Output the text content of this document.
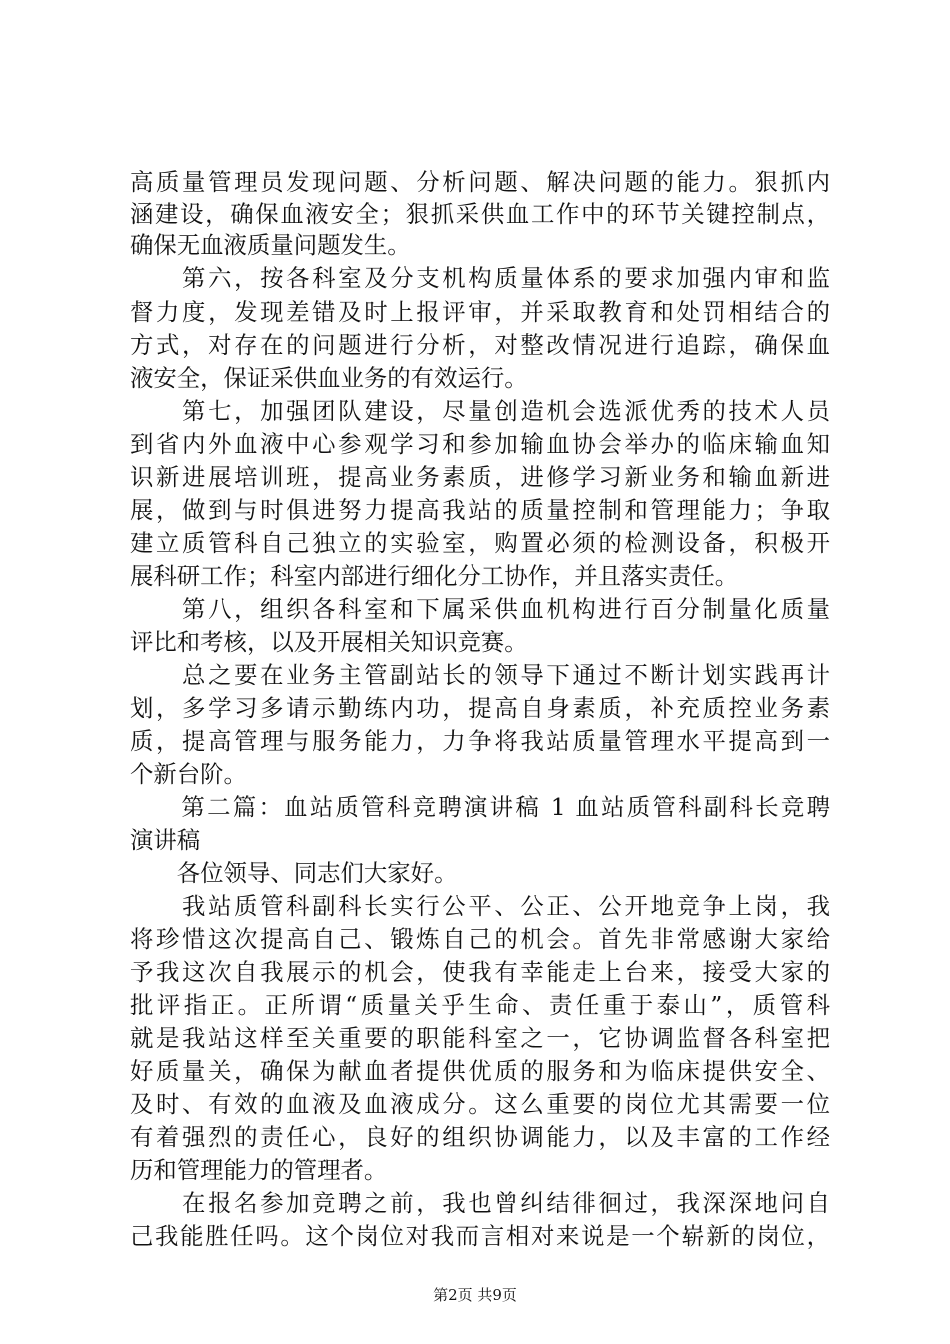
高质量管理员发现问题、分析问题、解决问题的能力。狠抓内
涵建设，确保血液安全；狠抓采供血工作中的环节关键控制点，
确保无血液质量问题发生。
　　第六，按各科室及分支机构质量体系的要求加强内审和监
督力度，发现差错及时上报评审，并采取教育和处罚相结合的
方式，对存在的问题进行分析，对整改情况进行追踪，确保血
液安全，保证采供血业务的有效运行。
　　第七，加强团队建设，尽量创造机会选派优秀的技术人员
到省内外血液中心参观学习和参加输血协会举办的临床输血知
识新进展培训班，提高业务素质，进修学习新业务和输血新进
展，做到与时俱进努力提高我站的质量控制和管理能力；争取
建立质管科自己独立的实验室，购置必须的检测设备，积极开
展科研工作；科室内部进行细化分工协作，并且落实责任。
　　第八，组织各科室和下属采供血机构进行百分制量化质量
评比和考核，以及开展相关知识竞赛。
　　总之要在业务主管副站长的领导下通过不断计划实践再计
划，多学习多请示勤练内功，提高自身素质，补充质控业务素
质，提高管理与服务能力，力争将我站质量管理水平提高到一
个新台阶。
　　第二篇：血站质管科竞聘演讲稿 1 血站质管科副科长竞聘
演讲稿
　　各位领导、同志们大家好。
　　我站质管科副科长实行公平、公正、公开地竞争上岗，我
将珍惜这次提高自己、锻炼自己的机会。首先非常感谢大家给
予我这次自我展示的机会，使我有幸能走上台来，接受大家的
批评指正。正所谓“质量关乎生命、责任重于泰山”，质管科
就是我站这样至关重要的职能科室之一，它协调监督各科室把
好质量关，确保为献血者提供优质的服务和为临床提供安全、
及时、有效的血液及血液成分。这么重要的岗位尤其需要一位
有着强烈的责任心，良好的组织协调能力，以及丰富的工作经
历和管理能力的管理者。
　　在报名参加竞聘之前，我也曾纠结徘徊过，我深深地问自
己我能胜任吗。这个岗位对我而言相对来说是一个崭新的岗位，
第2页 共9页
